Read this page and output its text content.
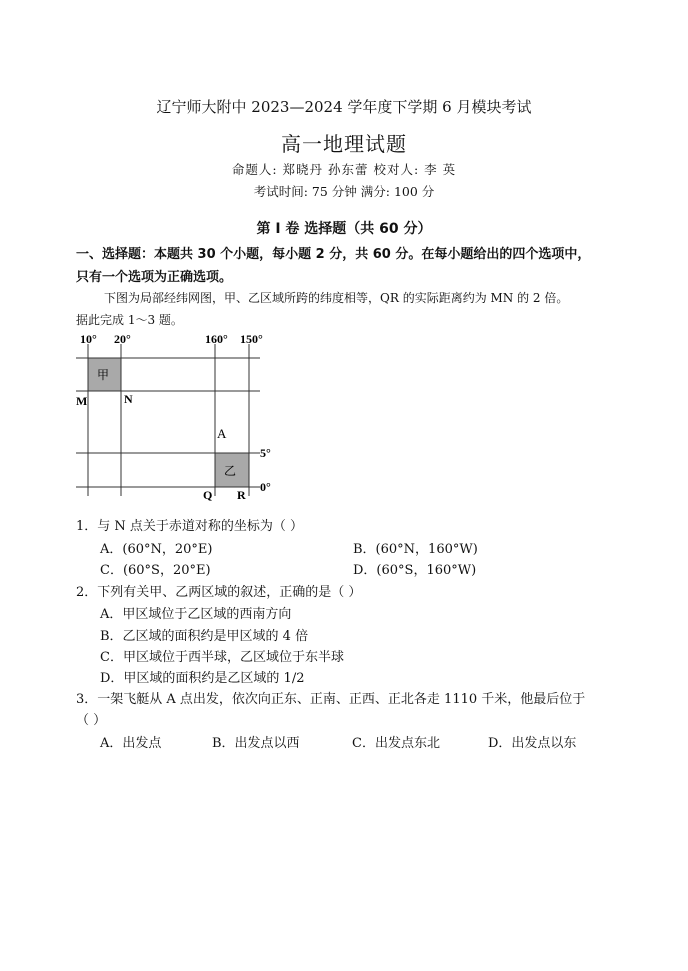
辽宁师大附中 2023—2024 学年度下学期 6 月模块考试
高一地理试题
命题人: 郑晓丹 孙东蕾 校对人: 李 英
考试时间: 75 分钟 满分: 100 分
第 Ⅰ 卷 选择题（共 60 分）
一、选择题：本题共 30 个小题，每小题 2 分，共 60 分。在每小题给出的四个选项中，
只有一个选项为正确选项。
下图为局部经纬网图，甲、乙区域所跨的纬度相等，QR 的实际距离约为 MN 的 2 倍。
据此完成 1～3 题。
10° 20°	160° 150°
5°
0°
甲
乙
M	N
A
Q R
1．与 N 点关于赤道对称的坐标为（ ）
A．(60°N，20°E)	B．(60°N，160°W)
C．(60°S，20°E)	D．(60°S，160°W)
2．下列有关甲、乙两区域的叙述，正确的是（ ）
A．甲区域位于乙区域的西南方向
B．乙区域的面积约是甲区域的 4 倍
C．甲区域位于西半球，乙区域位于东半球
D．甲区域的面积约是乙区域的 1/2
3．一架飞艇从 A 点出发，依次向正东、正南、正西、正北各走 1110 千米，他最后位于
（ ）
A．出发点	B．出发点以西	C．出发点东北	D．出发点以东
